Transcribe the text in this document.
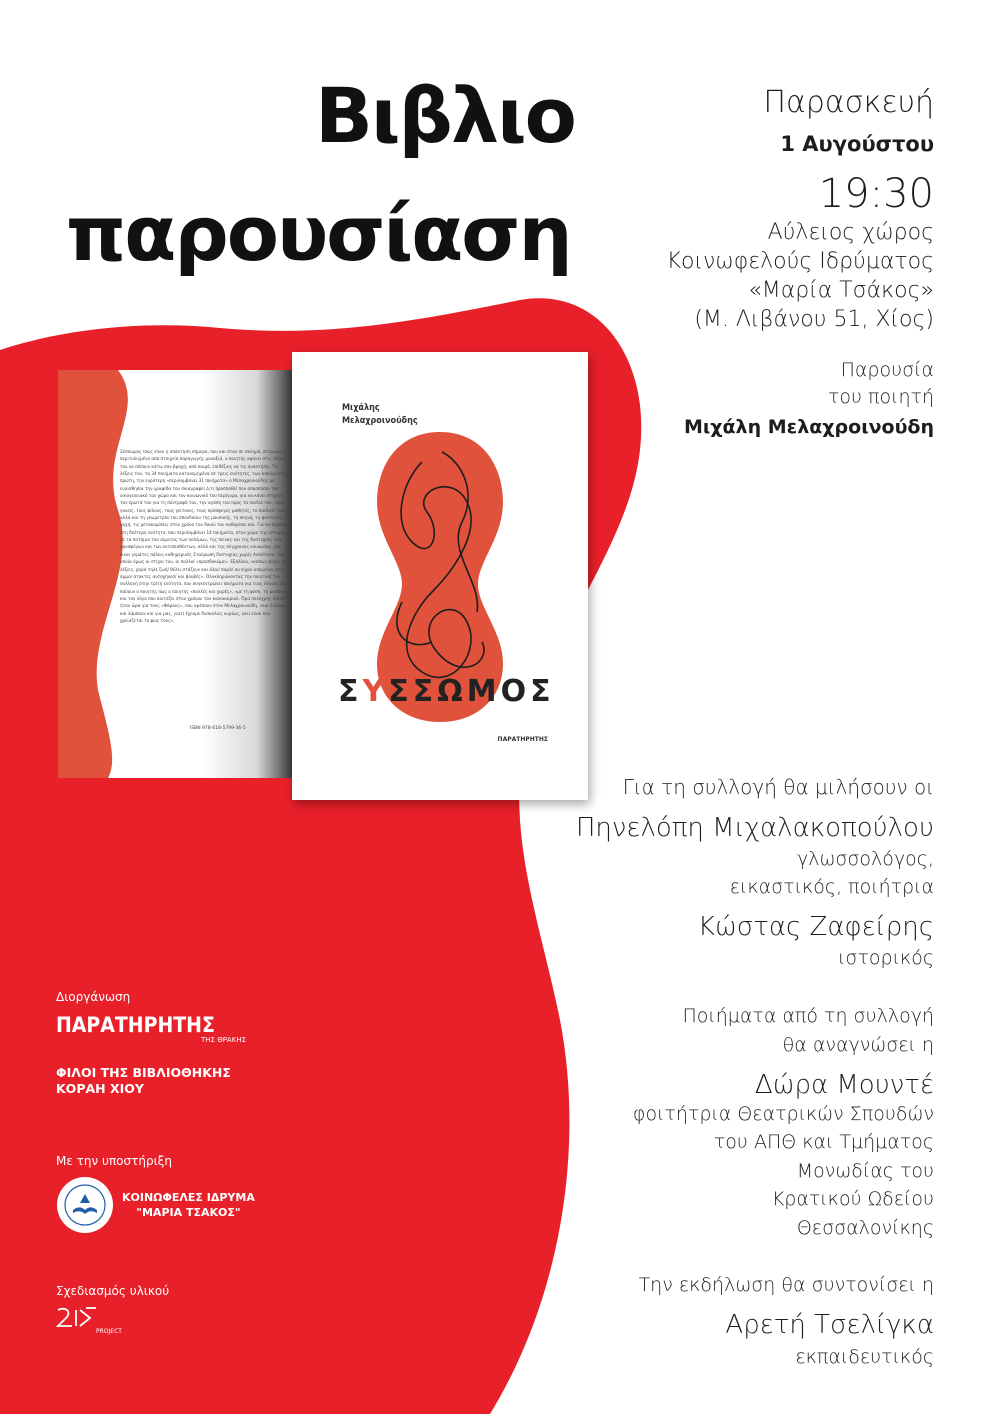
Βιβλιο
παρουσίαση
Παρασκευή
1 Αυγούστου
19:30
Αύλειος χώρος
Κοινωφελούς Ιδρύματος
«Μαρία Τσάκος»
(Μ. Λιβάνου 51, Χίος)
Παρουσία
του ποιητή
Μιχάλη Μελαχροινούδη
Σύσσωμος ίσως είναι η απάντηση σήμερα, που και όταν σε σκληρό, πετρωμένο περιτυλιγμένο από στοιχεία παραγωγής μοναξιά, ο ποιητής αφήνει στις λέξεις του να πέσουν κάτω σαν βροχή, από καιρό, επιδέξιος να τις αναστήσει. Τις λέξεις του, τα 34 ποιήματα κατανεμημένα σε τρεις ενότητες, των οποίων στην πρώτη, την ευρύτερη «περιλαμβάνει 31 ποιήματα» ο Μελαχροινούδης με ευαισθησία την γραφίδα του σκιαγραφεί ό,τι προσπαθεί που αποσπάσει τον οικογενειακό του χώρο και τον κοινωνικό του περίγυρο, για να κάνει στίχους τον έρωτά του για τη σύντροφό του, την αγάπη του προς τα παιδιά του, τους γονείς, τους φίλους, τους γείτονες, τους πρόσφυγες μαθητές, το παιδικό τους, αλλά και τη γεωμετρία του σπουδαίου της μουσικής, τη σκηνή, τη φοιτητική ψυχή, τις μετακομίσεις στον χρόνο του δικού του καθορίσει και. Για να περάσει στη δεύτερη ενότητα, που περιλαμβάνει 14 ποιήματα, στον χώρο της ιστορίας με τα ποτάμια του αίματος των πολέμων, της πείνας και της δυστυχίας των προσφύγων και των εκτοπισθέντων, αλλά και της σύγχρονης κοινωνίας, που είναι γεμάτες πόλεις καθημερινές Σταύρωση δυστυχίας χωρίς Ανάσταση, την οποία όμως οι στίχοι του, οι πολλοί «προσδοκώμε». Εξάλλου, «κάπως ψάχει σε λέξεις, χαρά τηλε ζωή/ θέλει στάζουν και όλοι/ παρά/ αν είχαν απομείνει στην άμμο/ άτακτες αντοχήνεσ/ και βουβές». Ολοκληρώνοντας την ποιητική του συλλογή στην τρίτη ενότητα, που συγκεντρώνει ποιήματα για τους λόγους που παύουν ο ποιητής πως ο ποιητής «πολλές και χαρές», «με τη φύση, τη μουσική» και τον λόγο που κοιτάζει στου χρόνου του καλοκαιριού. Όρα πολύχρης λοιπόν, ήταν ώρα για τους «Φάρους», που αρέσουν στον Μελαχροινούδη, «και έλλειψη και λάμπουν και για μας, γιατί έχουμε δυσκολίες κυρίως, εκεί είναι που χρειάζεται το φως τους».
ISBN 978-618-5799-36-5
Μιχάλης
Μελαχροινούδης
ΣΥΣΣΩΜΟΣ
ΠΑΡΑΤΗΡΗΤΗΣ
Για τη συλλογή θα μιλήσουν οι
Πηνελόπη Μιχαλακοπούλου
γλωσσολόγος,
εικαστικός, ποιήτρια
Κώστας Ζαφείρης
ιστορικός
Ποιήματα από τη συλλογή
θα αναγνώσει η
Δώρα Μουντέ
φοιτήτρια Θεατρικών Σπουδών
του ΑΠΘ και Τμήματος
Μονωδίας του
Κρατικού Ωδείου
Θεσσαλονίκης
Την εκδήλωση θα συντονίσει η
Αρετή Τσελίγκα
εκπαιδευτικός
Διοργάνωση
ΠΑΡΑΤΗΡΗΤΗΣ
ΤΗΣ ΘΡΑΚΗΣ
ΦΙΛΟΙ ΤΗΣ ΒΙΒΛΙΟΘΗΚΗΣ
ΚΟΡΑΗ ΧΙΟΥ
Με την υποστήριξη
ΚΟΙΝΩΦΕΛΕΣ ΙΔΡΥΜΑ
"ΜΑΡΙΑ ΤΣΑΚΟΣ"
Σχεδιασμός υλικού
PROJECT
